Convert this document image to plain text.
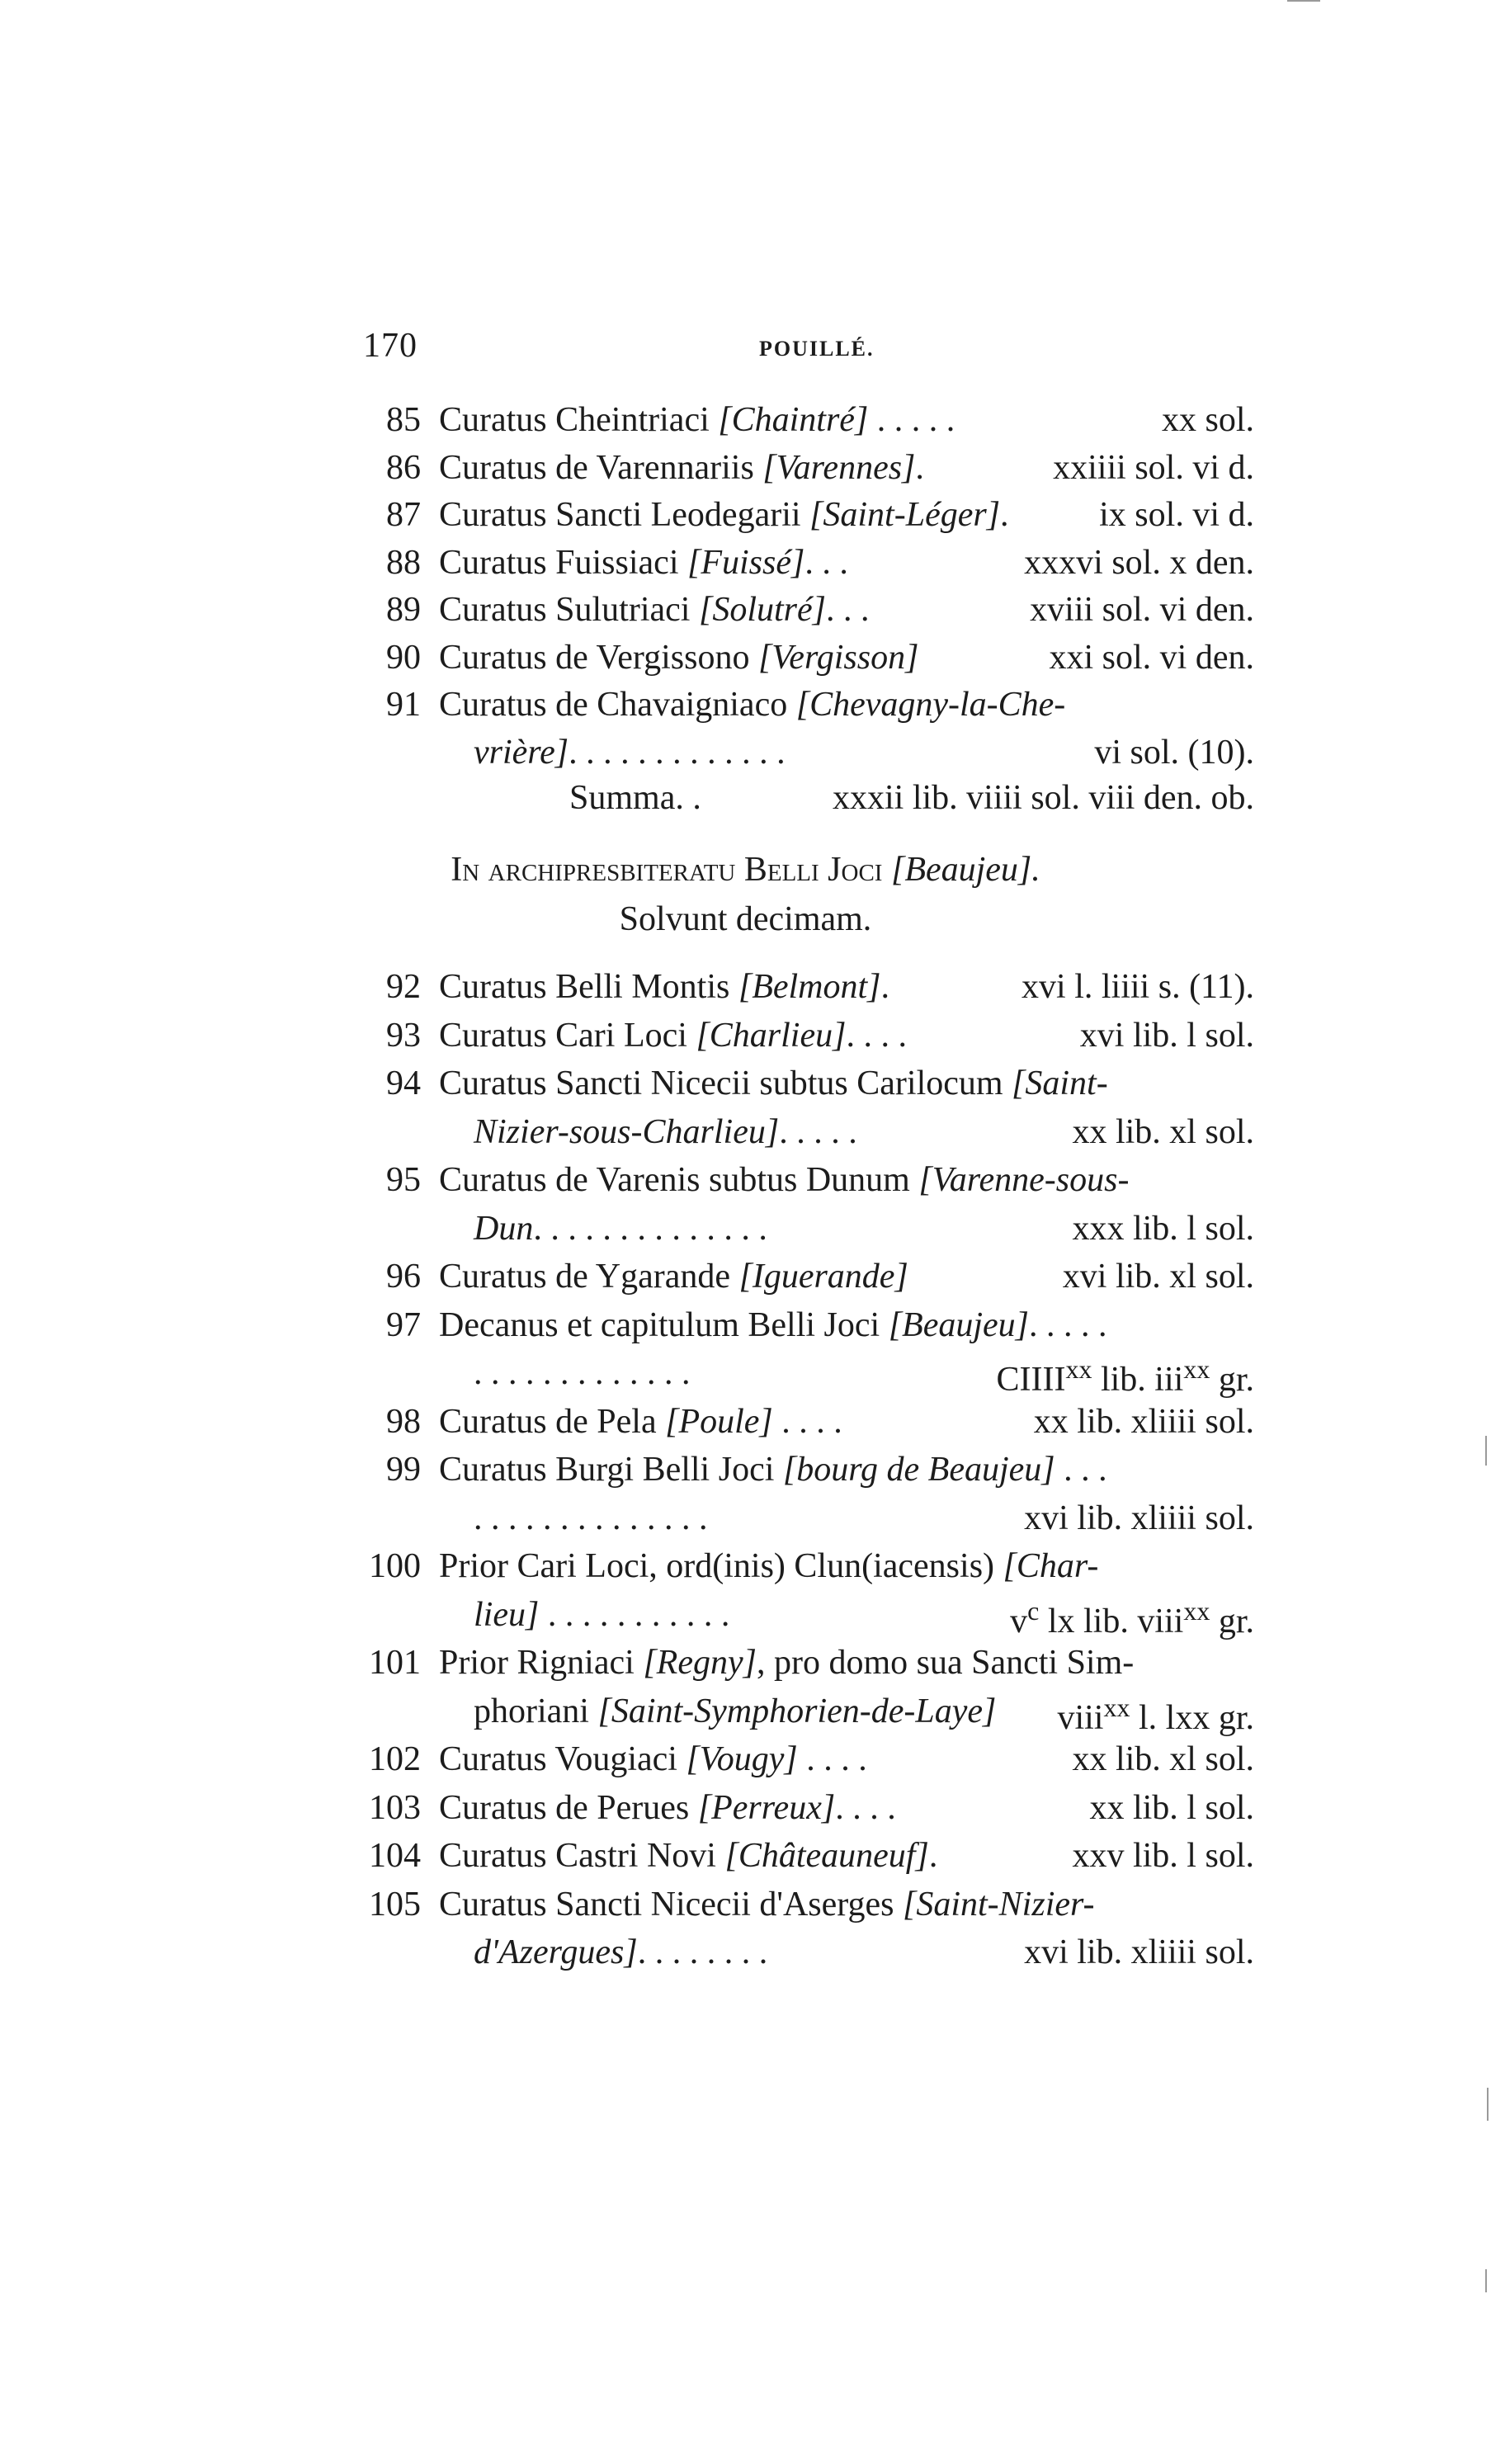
170	POUILLÉ.
85 Curatus Cheintriaci [Chaintré] . . . . .	xx sol.
86 Curatus de Varennariis [Varennes].	xxiiii sol. vi d.
87 Curatus Sancti Leodegarii [Saint-Léger].	ix sol. vi d.
88 Curatus Fuissiaci [Fuissé]. . .	xxxvi sol. x den.
89 Curatus Sulutriaci [Solutré]. . .	xviii sol. vi den.
90 Curatus de Vergissono [Vergisson]	xxi sol. vi den.
91 Curatus de Chavaigniaco [Chevagny-la-Che-
vrière]. . . . . . . . . . . . .	vi sol. (10).
Summa. .	xxxii lib. viiii sol. viii den. ob.
In archipresbiteratu Belli Joci [Beaujeu].
Solvunt decimam.
92 Curatus Belli Montis [Belmont].	xvi l. liiii s. (11).
93 Curatus Cari Loci [Charlieu]. . . .	xvi lib. l sol.
94 Curatus Sancti Nicecii subtus Carilocum [Saint-
Nizier-sous-Charlieu]. . . . .	xx lib. xl sol.
95 Curatus de Varenis subtus Dunum [Varenne-sous-
Dun. . . . . . . . . . . . . .	xxx lib. l sol.
96 Curatus de Ygarande [Iguerande]	xvi lib. xl sol.
97 Decanus et capitulum Belli Joci [Beaujeu]. . . . .
. . . . . . . . . . . . .	CIIII$^{xx}$ lib. iii$^{xx}$ gr.
98 Curatus de Pela [Poule] . . . .	xx lib. xliiii sol.
99 Curatus Burgi Belli Joci [bourg de Beaujeu] . . .
. . . . . . . . . . . . . .	xvi lib. xliiii sol.
100 Prior Cari Loci, ord(inis) Clun(iacensis) [Char-
lieu] . . . . . . . . . . .	$v^c$ lx lib. viii$^{xx}$ gr.
101 Prior Rigniaci [Regny], pro domo sua Sancti Sim-
phoriani [Saint-Symphorien-de-Laye] viii$^{xx}$ l. lxx gr.
102 Curatus Vougiaci [Vougy] . . . .	xx lib. xl sol.
103 Curatus de Perues [Perreux]. . . .	xx lib. l sol.
104 Curatus Castri Novi [Châteauneuf].	xxv lib. l sol.
105 Curatus Sancti Nicecii d'Aserges [Saint-Nizier-
d'Azergues]. . . . . . . .	xvi lib. xliiii sol.
